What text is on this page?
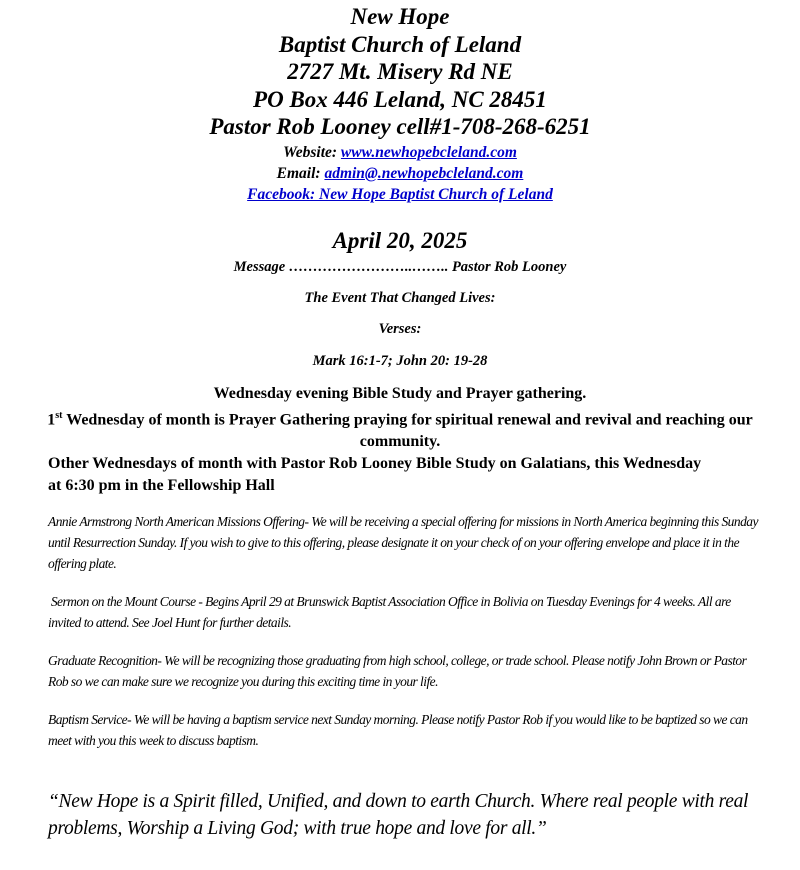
New Hope
Baptist Church of Leland
2727 Mt. Misery Rd NE
PO Box 446 Leland, NC 28451
Pastor Rob Looney cell#1-708-268-6251
Website: www.newhopebcleland.com
Email: admin@.newhopebcleland.com
Facebook: New Hope Baptist Church of Leland
April 20, 2025
Message ……………………..…….. Pastor Rob Looney
The Event That Changed Lives:
Verses:
Mark 16:1-7; John 20: 19-28
Wednesday evening Bible Study and Prayer gathering.
1st Wednesday of month is Prayer Gathering praying for spiritual renewal and revival and reaching our community.
Other Wednesdays of month with Pastor Rob Looney Bible Study on Galatians, this Wednesday at 6:30 pm in the Fellowship Hall
Annie Armstrong North American Missions Offering- We will be receiving a special offering for missions in North America beginning this Sunday until Resurrection Sunday. If you wish to give to this offering, please designate it on your check of on your offering envelope and place it in the offering plate.
Sermon on the Mount Course - Begins April 29 at Brunswick Baptist Association Office in Bolivia on Tuesday Evenings for 4 weeks. All are invited to attend. See Joel Hunt for further details.
Graduate Recognition- We will be recognizing those graduating from high school, college, or trade school. Please notify John Brown or Pastor Rob so we can make sure we recognize you during this exciting time in your life.
Baptism Service- We will be having a baptism service next Sunday morning. Please notify Pastor Rob if you would like to be baptized so we can meet with you this week to discuss baptism.
“New Hope is a Spirit filled, Unified, and down to earth Church. Where real people with real problems, Worship a Living God; with true hope and love for all.”
